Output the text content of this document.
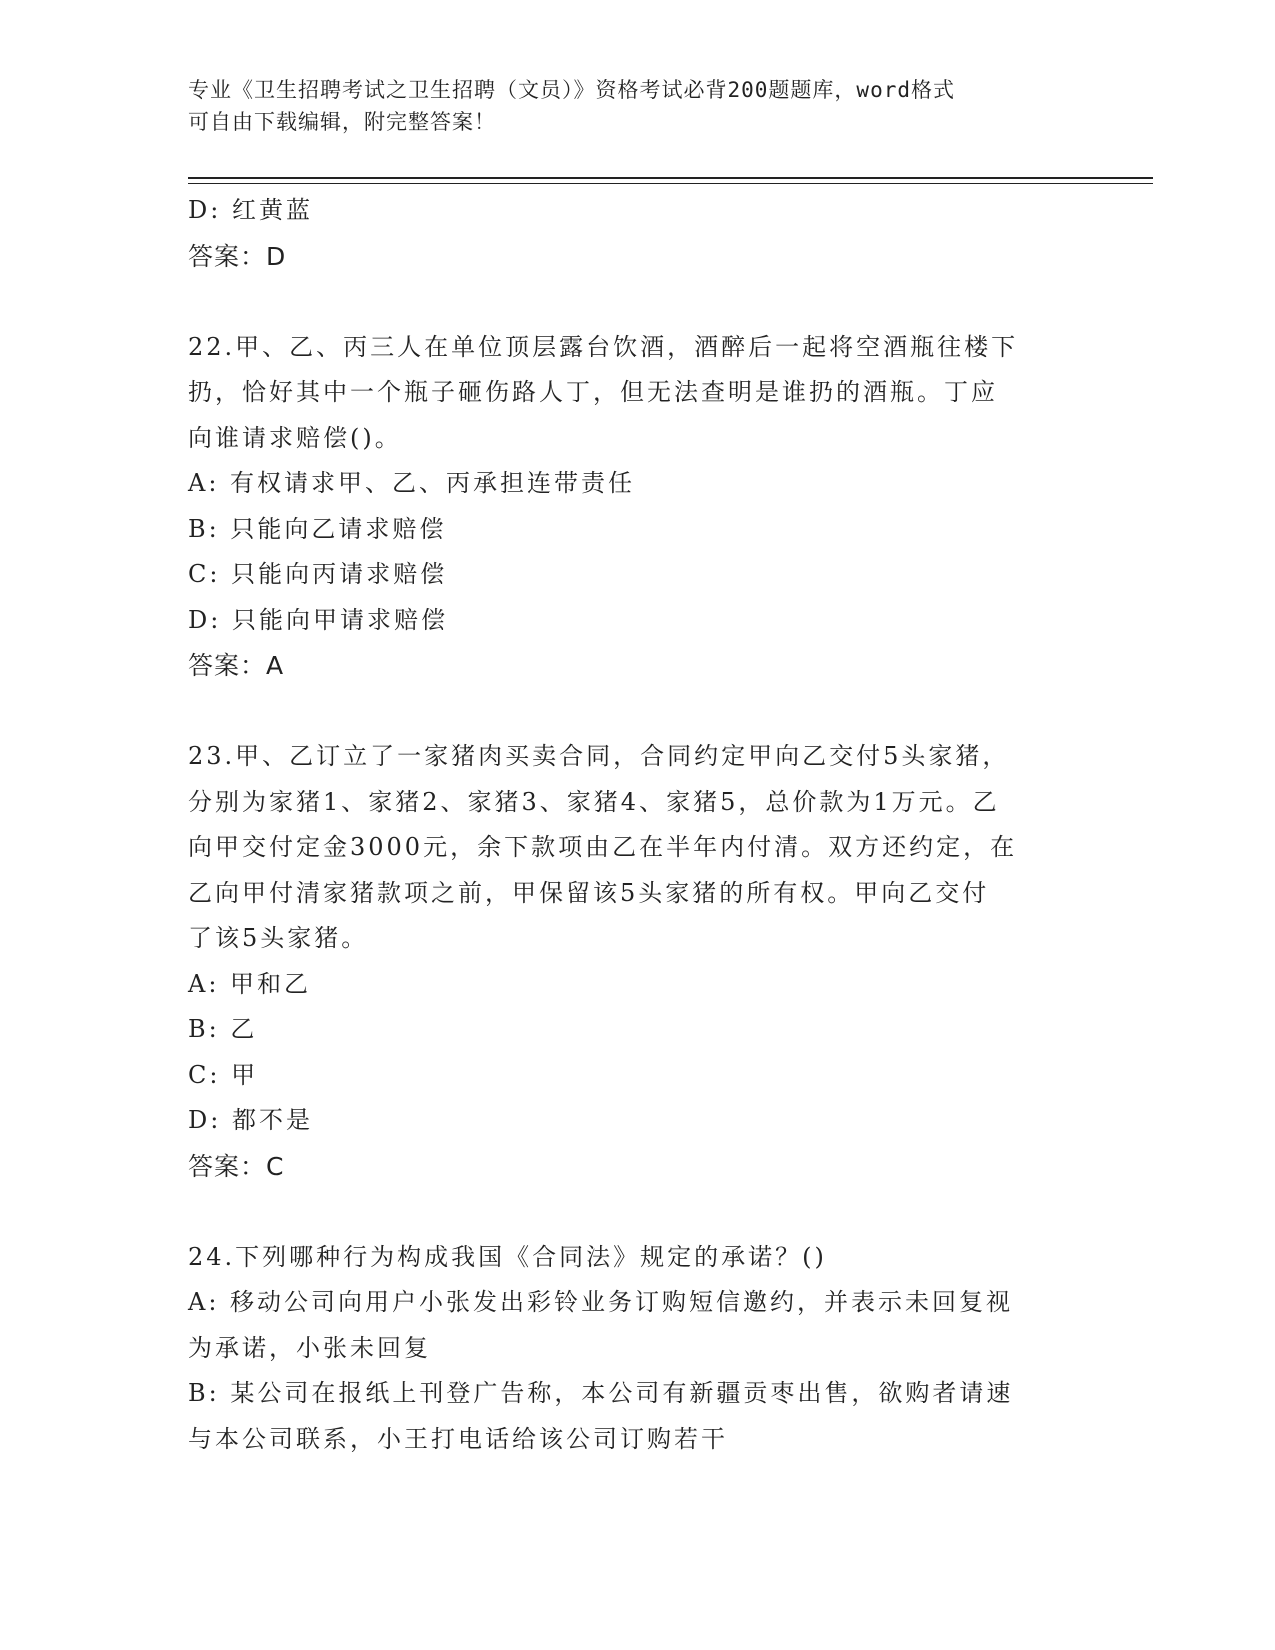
专业《卫生招聘考试之卫生招聘（文员）》资格考试必背200题题库，word格式
可自由下载编辑，附完整答案！
D: 红黄蓝
答案：D
22.甲、乙、丙三人在单位顶层露台饮酒，酒醉后一起将空酒瓶往楼下
扔，恰好其中一个瓶子砸伤路人丁，但无法查明是谁扔的酒瓶。丁应
向谁请求赔偿()。
A: 有权请求甲、乙、丙承担连带责任
B: 只能向乙请求赔偿
C: 只能向丙请求赔偿
D: 只能向甲请求赔偿
答案：A
23.甲、乙订立了一家猪肉买卖合同，合同约定甲向乙交付5头家猪，
分别为家猪1、家猪2、家猪3、家猪4、家猪5，总价款为1万元。乙
向甲交付定金3000元，余下款项由乙在半年内付清。双方还约定，在
乙向甲付清家猪款项之前，甲保留该5头家猪的所有权。甲向乙交付
了该5头家猪。
A: 甲和乙
B: 乙
C: 甲
D: 都不是
答案：C
24.下列哪种行为构成我国《合同法》规定的承诺？()
A: 移动公司向用户小张发出彩铃业务订购短信邀约，并表示未回复视
为承诺，小张未回复
B: 某公司在报纸上刊登广告称，本公司有新疆贡枣出售，欲购者请速
与本公司联系，小王打电话给该公司订购若干
